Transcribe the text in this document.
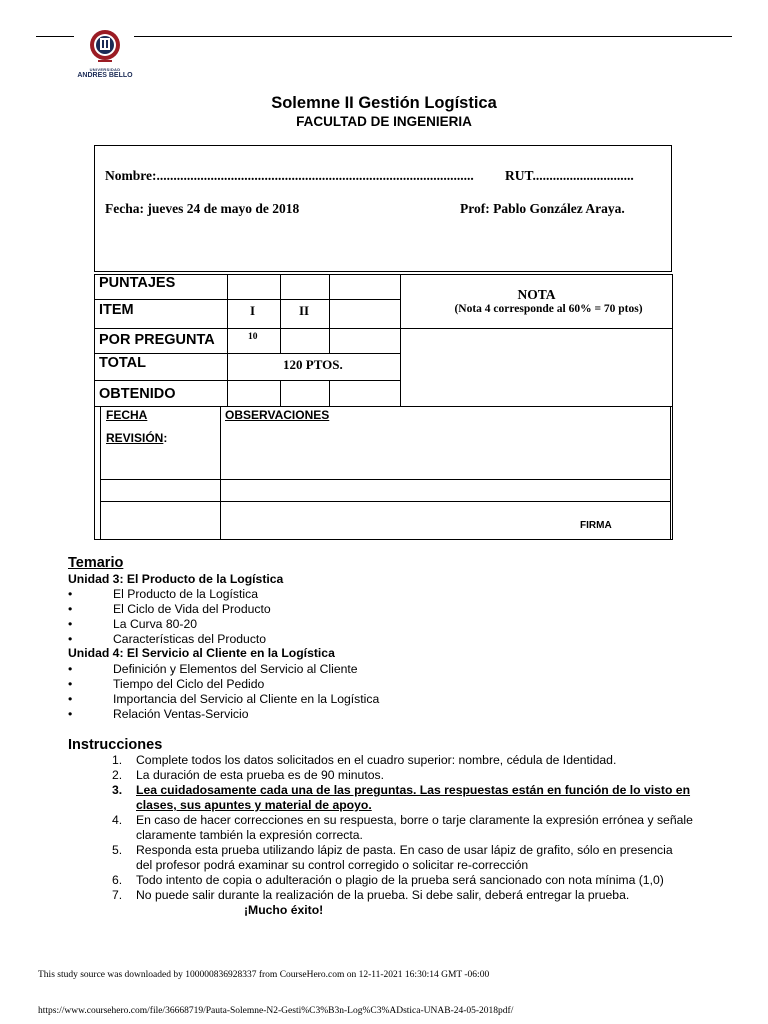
UNIVERSIDAD
ANDRES BELLO
Solemne II Gestión Logística
FACULTAD DE INGENIERIA
Nombre:.............................................................................................. RUT..............................
Fecha: jueves 24 de mayo de 2018	Prof: Pablo González Araya.
PUNTAJES
ITEM	I	II
POR PREGUNTA	10
TOTAL	120 PTOS.
OBTENIDO
NOTA
(Nota 4 corresponde al 60% = 70 ptos)
FECHA
REVISIÓN:
OBSERVACIONES
FIRMA
Temario
Unidad 3: El Producto de la Logística
•	El Producto de la Logística
•	El Ciclo de Vida del Producto
•	La Curva 80-20
•	Características del Producto
Unidad 4: El Servicio al Cliente en la Logística
•	Definición y Elementos del Servicio al Cliente
•	Tiempo del Ciclo del Pedido
•	Importancia del Servicio al Cliente en la Logística
•	Relación Ventas-Servicio
Instrucciones
1. Complete todos los datos solicitados en el cuadro superior: nombre, cédula de Identidad.
2. La duración de esta prueba es de 90 minutos.
3. Lea cuidadosamente cada una de las preguntas. Las respuestas están en función de lo visto en
clases, sus apuntes y material de apoyo.
4. En caso de hacer correcciones en su respuesta, borre o tarje claramente la expresión errónea y señale
claramente también la expresión correcta.
5. Responda esta prueba utilizando lápiz de pasta. En caso de usar lápiz de grafito, sólo en presencia
del profesor podrá examinar su control corregido o solicitar re-corrección
6. Todo intento de copia o adulteración o plagio de la prueba será sancionado con nota mínima (1,0)
7. No puede salir durante la realización de la prueba. Si debe salir, deberá entregar la prueba.
¡Mucho éxito!
This study source was downloaded by 100000836928337 from CourseHero.com on 12-11-2021 16:30:14 GMT -06:00
https://www.coursehero.com/file/36668719/Pauta-Solemne-N2-Gesti%C3%B3n-Log%C3%ADstica-UNAB-24-05-2018pdf/
